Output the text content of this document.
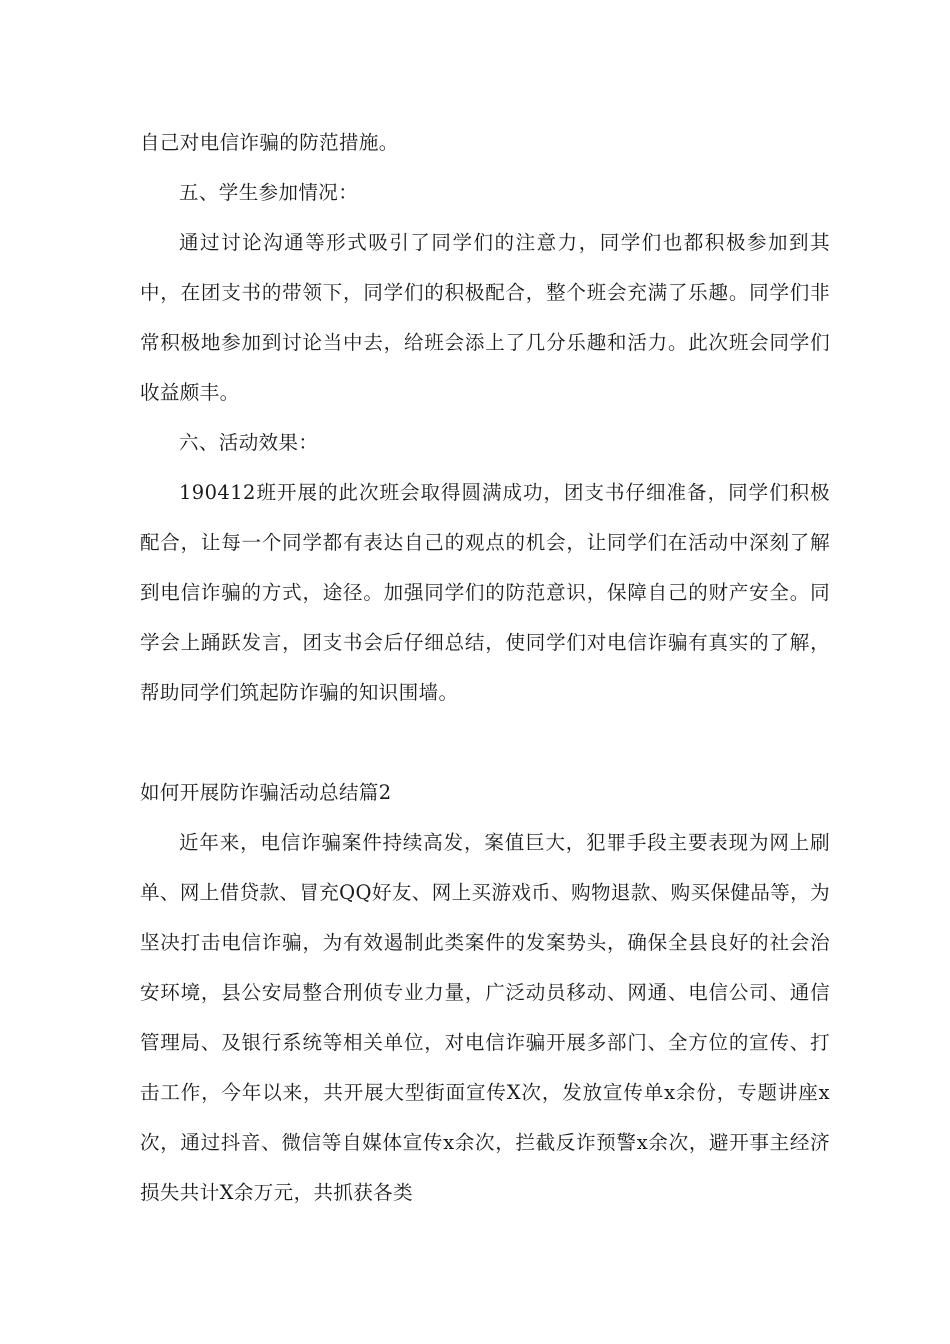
自己对电信诈骗的防范措施。

五、学生参加情况：

通过讨论沟通等形式吸引了同学们的注意力，同学们也都积极参加到其中，在团支书的带领下，同学们的积极配合，整个班会充满了乐趣。同学们非常积极地参加到讨论当中去，给班会添上了几分乐趣和活力。此次班会同学们收益颇丰。

六、活动效果：

190412班开展的此次班会取得圆满成功，团支书仔细准备，同学们积极配合，让每一个同学都有表达自己的观点的机会，让同学们在活动中深刻了解到电信诈骗的方式，途径。加强同学们的防范意识，保障自己的财产安全。同学会上踊跃发言，团支书会后仔细总结，使同学们对电信诈骗有真实的了解，帮助同学们筑起防诈骗的知识围墙。

如何开展防诈骗活动总结篇2

近年来，电信诈骗案件持续高发，案值巨大，犯罪手段主要表现为网上刷单、网上借贷款、冒充QQ好友、网上买游戏币、购物退款、购买保健品等，为坚决打击电信诈骗，为有效遏制此类案件的发案势头，确保全县良好的社会治安环境，县公安局整合刑侦专业力量，广泛动员移动、网通、电信公司、通信管理局、及银行系统等相关单位，对电信诈骗开展多部门、全方位的宣传、打击工作，今年以来，共开展大型街面宣传X次，发放宣传单x余份，专题讲座x次，通过抖音、微信等自媒体宣传x余次，拦截反诈预警x余次，避开事主经济损失共计X余万元，共抓获各类
